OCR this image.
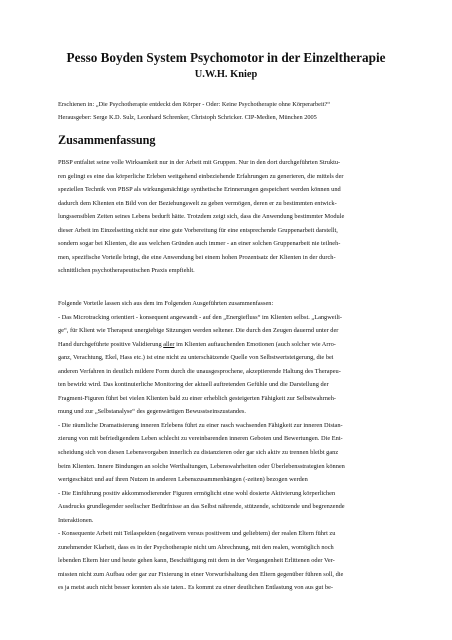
Pesso Boyden System Psychomotor in der Einzeltherapie
U.W.H. Kniep
Erschienen in: „Die Psychotherapie entdeckt den Körper - Oder: Keine Psychotherapie ohne Körperarbeit?“
Herausgeber: Serge K.D. Sulz, Leonhard Schrenker, Christoph Schricker. CIP-Medien, München 2005
Zusammenfassung
PBSP entfaltet seine volle Wirksamkeit nur in der Arbeit mit Gruppen. Nur in den dort durchgeführten Struktu-
ren gelingt es eine das körperliche Erleben weitgehend einbeziehende Erfahrungen zu generieren, die mittels der
speziellen Technik von PBSP als wirkungsmächtige synthetische Erinnerungen gespeichert werden können und
dadurch dem Klienten ein Bild von der Beziehungswelt zu geben vermögen, deren er zu bestimmten entwick-
lungssensiblen Zeiten seines Lebens bedurft hätte. Trotzdem zeigt sich, dass die Anwendung bestimmter Module
dieser Arbeit im Einzelsetting nicht nur eine gute Vorbereitung für eine entsprechende Gruppenarbeit darstellt,
sondern sogar bei Klienten, die aus welchen Gründen auch immer - an einer solchen Gruppenarbeit nie teilneh-
men, spezifische Vorteile bringt, die eine Anwendung bei einem hohen Prozentsatz der Klienten in der durch-
schnittlichen psychotherapeutischen Praxis empfiehlt.
Folgende Vorteile lassen sich aus dem im Folgenden Ausgeführten zusammenfassen:
- Das Microtracking orientiert - konsequent angewandt - auf den „Energiefluss“ im Klienten selbst. „Langweili-
ge“, für Klient wie Therapeut unergiebige Sitzungen werden seltener. Die durch den Zeugen dauernd unter der
Hand durchgeführte positive Validierung aller im Klienten auftauchenden Emotionen (auch solcher wie Arro-
ganz, Verachtung, Ekel, Hass etc.) ist eine nicht zu unterschätzende Quelle von Selbstwertsteigerung, die bei
anderen Verfahren in deutlich mildere Form durch die unausgesprochene, akzeptierende Haltung des Therapeu-
ten bewirkt wird. Das kontinuierliche Monitoring der aktuell auftretenden Gefühle und die Darstellung der
Fragment-Figuren führt bei vielen Klienten bald zu einer erheblich gesteigerten Fähigkeit zur Selbstwahrneh-
mung und zur „Selbstanalyse“ des gegenwärtigen Bewusstseinszustandes.
- Die räumliche Dramatisierung inneren Erlebens führt zu einer rasch wachsenden Fähigkeit zur inneren Distan-
zierung von mit befriedigendem Leben schlecht zu vereinbarenden inneren Geboten und Bewertungen. Die Ent-
scheidung sich von diesen Lebensvorgaben innerlich zu distanzieren oder gar sich aktiv zu trennen bleibt ganz
beim Klienten. Innere Bindungen an solche Werthaltungen, Lebenswahrheiten oder Überlebensstrategien können
wertgeschätzt und auf ihren Nutzen in anderen Lebenszusammenhängen (-zeiten) bezogen werden
- Die Einführung positiv akkommodierender Figuren ermöglicht eine wohl dosierte Aktivierung körperlichen
Ausdrucks grundlegender seelischer Bedürfnisse an das Selbst nährende, stützende, schützende und begrenzende
Interaktionen.
- Konsequente Arbeit mit Teilaspekten (negativem versus positivem und geliebtem) der realen Eltern führt zu
zunehmender Klarheit, dass es in der Psychotherapie nicht um Abrechnung, mit den realen, womöglich noch
lebenden Eltern hier und heute gehen kann, Beschäftigung mit dem in der Vergangenheit Erlittenen oder Ver-
missten nicht zum Aufbau oder gar zur Fixierung in einer Vorwurfshaltung den Eltern gegenüber führen soll, die
es ja meist auch nicht besser konnten als sie taten.. Es kommt zu einer deutlichen Entlastung von aus gut be-
